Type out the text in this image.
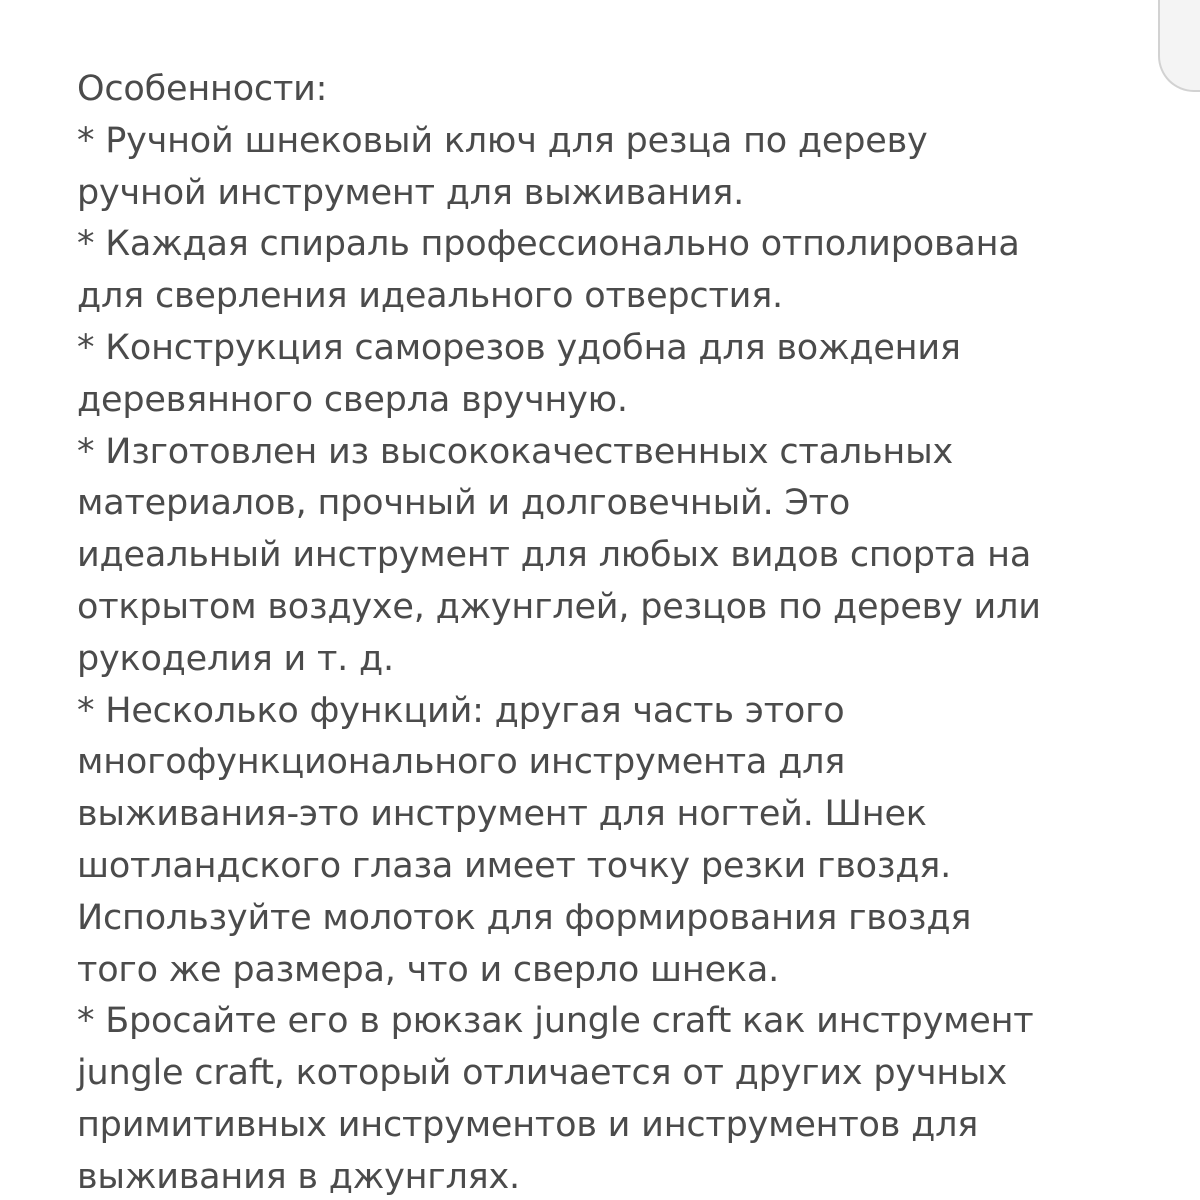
Особенности:
* Ручной шнековый ключ для резца по дереву
ручной инструмент для выживания.
* Каждая спираль профессионально отполирована
для сверления идеального отверстия.
* Конструкция саморезов удобна для вождения
деревянного сверла вручную.
* Изготовлен из высококачественных стальных
материалов, прочный и долговечный. Это
идеальный инструмент для любых видов спорта на
открытом воздухе, джунглей, резцов по дереву или
рукоделия и т. д.
* Несколько функций: другая часть этого
многофункционального инструмента для
выживания-это инструмент для ногтей. Шнек
шотландского глаза имеет точку резки гвоздя.
Используйте молоток для формирования гвоздя
того же размера, что и сверло шнека.
* Бросайте его в рюкзак jungle craft как инструмент
jungle craft, который отличается от других ручных
примитивных инструментов и инструментов для
выживания в джунглях.
